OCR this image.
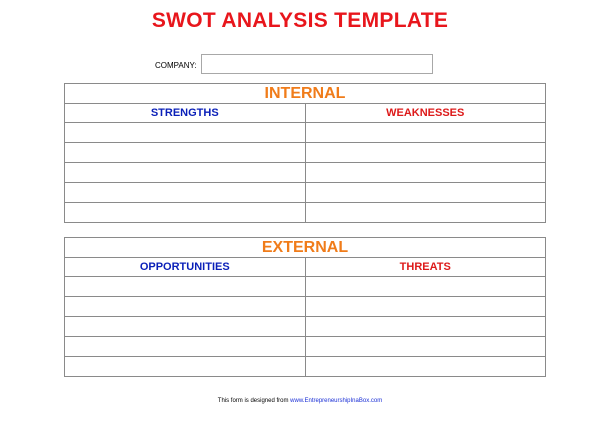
SWOT ANALYSIS TEMPLATE
COMPANY:
INTERNAL	
STRENGTHS	WEAKNESSES

EXTERNAL	
OPPORTUNITIES	THREATS

This form is designed from www.EntrepreneurshipInaBox.com
